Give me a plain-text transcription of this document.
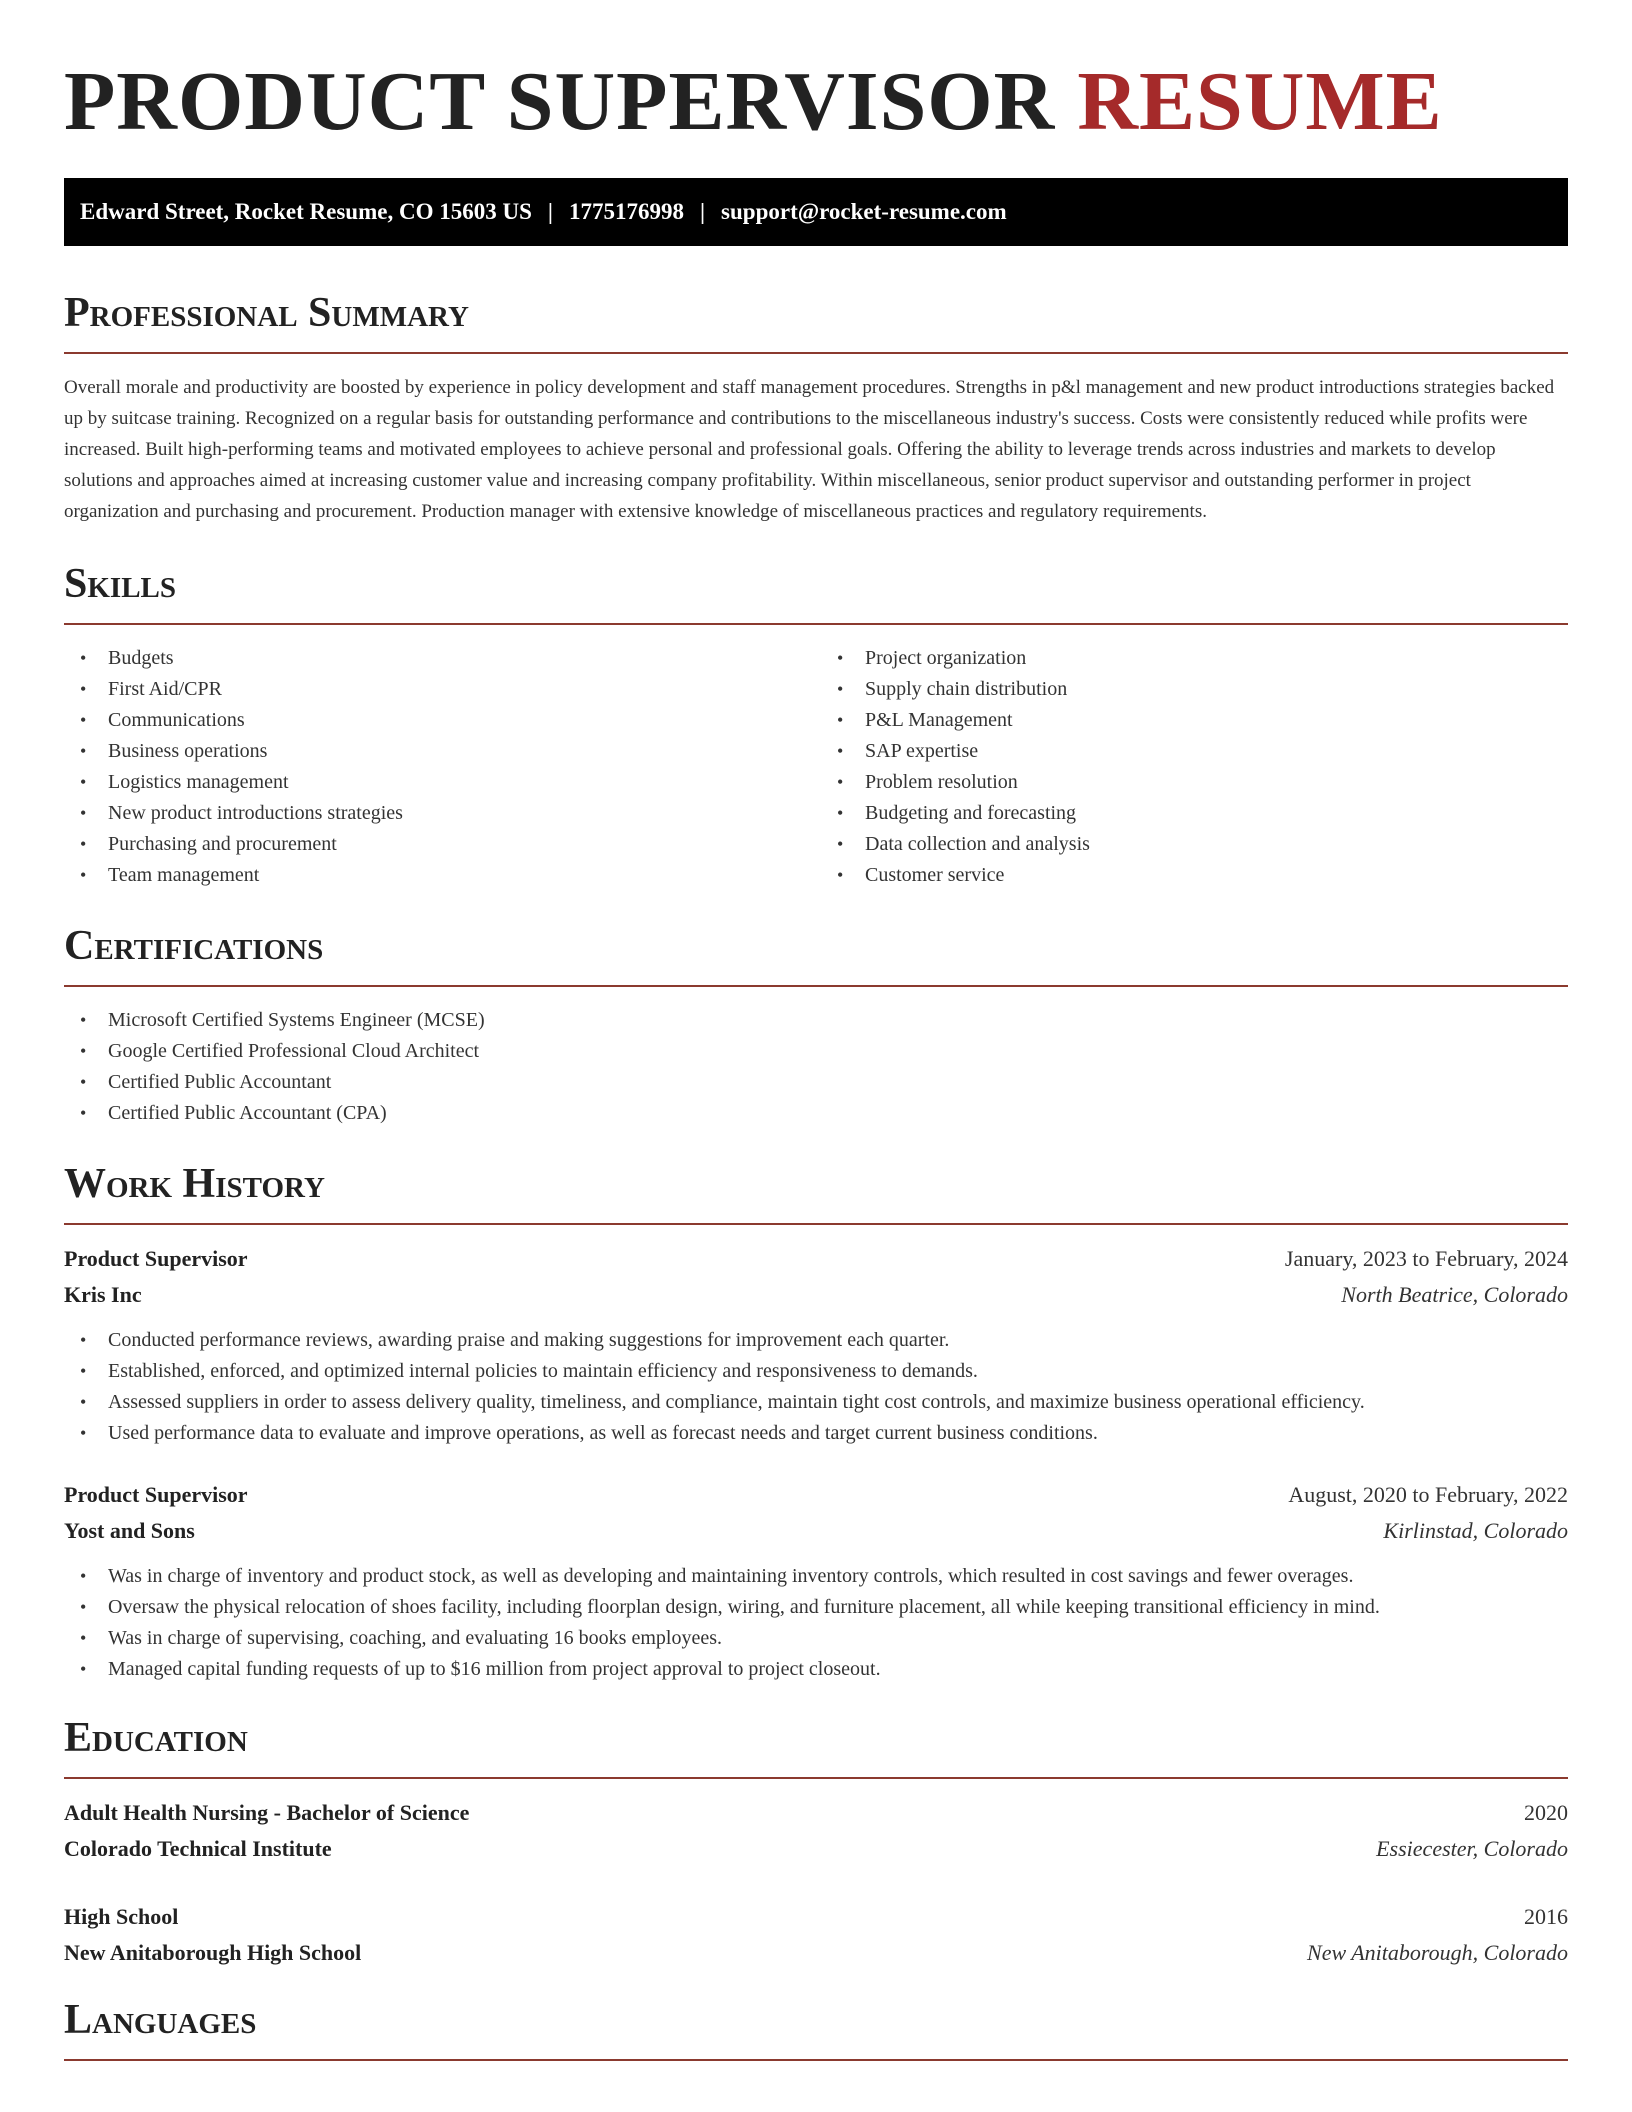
PRODUCT SUPERVISOR RESUME
Edward Street, Rocket Resume, CO 15603 US | 1775176998 | support@rocket-resume.com
Professional Summary

Overall morale and productivity are boosted by experience in policy development and staff management procedures. Strengths in p&l management and new product introductions strategies backed up by suitcase training. Recognized on a regular basis for outstanding performance and contributions to the miscellaneous industry's success. Costs were consistently reduced while profits were increased. Built high-performing teams and motivated employees to achieve personal and professional goals. Offering the ability to leverage trends across industries and markets to develop solutions and approaches aimed at increasing customer value and increasing company profitability. Within miscellaneous, senior product supervisor and outstanding performer in project organization and purchasing and procurement. Production manager with extensive knowledge of miscellaneous practices and regulatory requirements.

Skills
• Budgets
• First Aid/CPR
• Communications
• Business operations
• Logistics management
• New product introductions strategies
• Purchasing and procurement
• Team management
• Project organization
• Supply chain distribution
• P&L Management
• SAP expertise
• Problem resolution
• Budgeting and forecasting
• Data collection and analysis
• Customer service
Certifications
• Microsoft Certified Systems Engineer (MCSE)
• Google Certified Professional Cloud Architect
• Certified Public Accountant
• Certified Public Accountant (CPA)
Work History
Product Supervisor	January, 2023 to February, 2024
Kris Inc	North Beatrice, Colorado
• Conducted performance reviews, awarding praise and making suggestions for improvement each quarter.
• Established, enforced, and optimized internal policies to maintain efficiency and responsiveness to demands.
• Assessed suppliers in order to assess delivery quality, timeliness, and compliance, maintain tight cost controls, and maximize business operational efficiency.
• Used performance data to evaluate and improve operations, as well as forecast needs and target current business conditions.
Product Supervisor	August, 2020 to February, 2022
Yost and Sons	Kirlinstad, Colorado
• Was in charge of inventory and product stock, as well as developing and maintaining inventory controls, which resulted in cost savings and fewer overages.
• Oversaw the physical relocation of shoes facility, including floorplan design, wiring, and furniture placement, all while keeping transitional efficiency in mind.
• Was in charge of supervising, coaching, and evaluating 16 books employees.
• Managed capital funding requests of up to $16 million from project approval to project closeout.
Education
Adult Health Nursing - Bachelor of Science	2020
Colorado Technical Institute	Essiecester, Colorado
High School	2016
New Anitaborough High School	New Anitaborough, Colorado
Languages
